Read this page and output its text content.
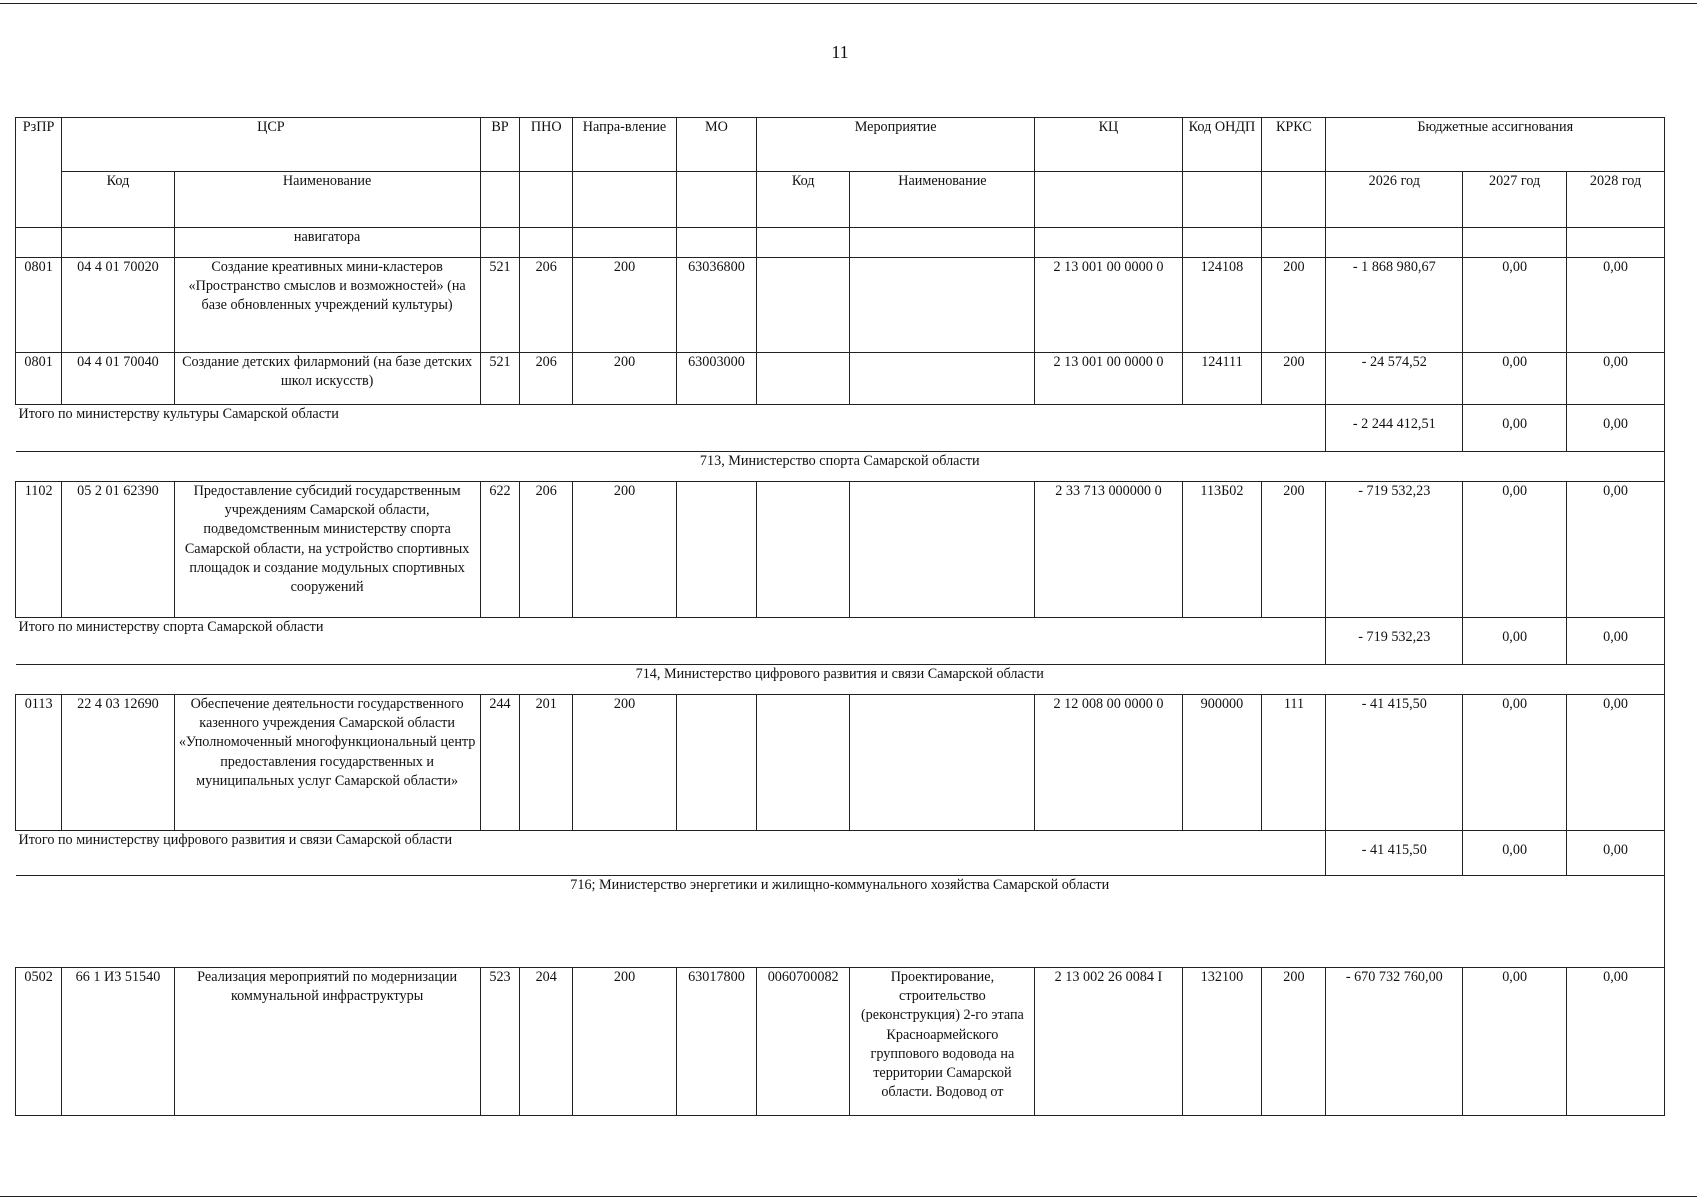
11
РзПР	ЦСР		ВР	ПНО	Напра-вление	МО	Мероприятие		КЦ	Код ОНДП	КРКС	Бюджетные ассигнования		
	Код	Наименование					Код	Наименование				2026 год	2027 год	2028 год
		навигатора												
0801	04 4 01 70020	Создание креативных мини-кластеров «Пространство смыслов и возможностей» (на базе обновленных учреждений культуры)	521	206	200	63036800			2 13 001 00 0000 0	124108	200	- 1 868 980,67	0,00	0,00
0801	04 4 01 70040	Создание детских филармоний (на базе детских школ искусств)	521	206	200	63003000			2 13 001 00 0000 0	124111	200	- 24 574,52	0,00	0,00
Итого по министерству культуры Самарской области												- 2 244 412,51	0,00	0,00
713, Министерство спорта Самарской области														
1102	05 2 01 62390	Предоставление субсидий государственным учреждениям Самарской области, подведомственным министерству спорта Самарской области, на устройство спортивных площадок и создание модульных спортивных сооружений	622	206	200				2 33 713 000000 0	113Б02	200	- 719 532,23	0,00	0,00
Итого по министерству спорта Самарской области												- 719 532,23	0,00	0,00
714, Министерство цифрового развития и связи Самарской области														
0113	22 4 03 12690	Обеспечение деятельности государственного казенного учреждения Самарской области «Уполномоченный многофункциональный центр предоставления государственных и муниципальных услуг Самарской области»	244	201	200				2 12 008 00 0000 0	900000	111	- 41 415,50	0,00	0,00
Итого по министерству цифрового развития и связи Самарской области												- 41 415,50	0,00	0,00
716; Министерство энергетики и жилищно-коммунального хозяйства Самарской области														
0502	66 1 И3 51540	Реализация мероприятий по модернизации коммунальной инфраструктуры	523	204	200	63017800	0060700082	Проектирование, строительство (реконструкция) 2-го этапа Красноармейского группового водовода на территории Самарской области. Водовод от	2 13 002 26 0084 I	132100	200	- 670 732 760,00	0,00	0,00
